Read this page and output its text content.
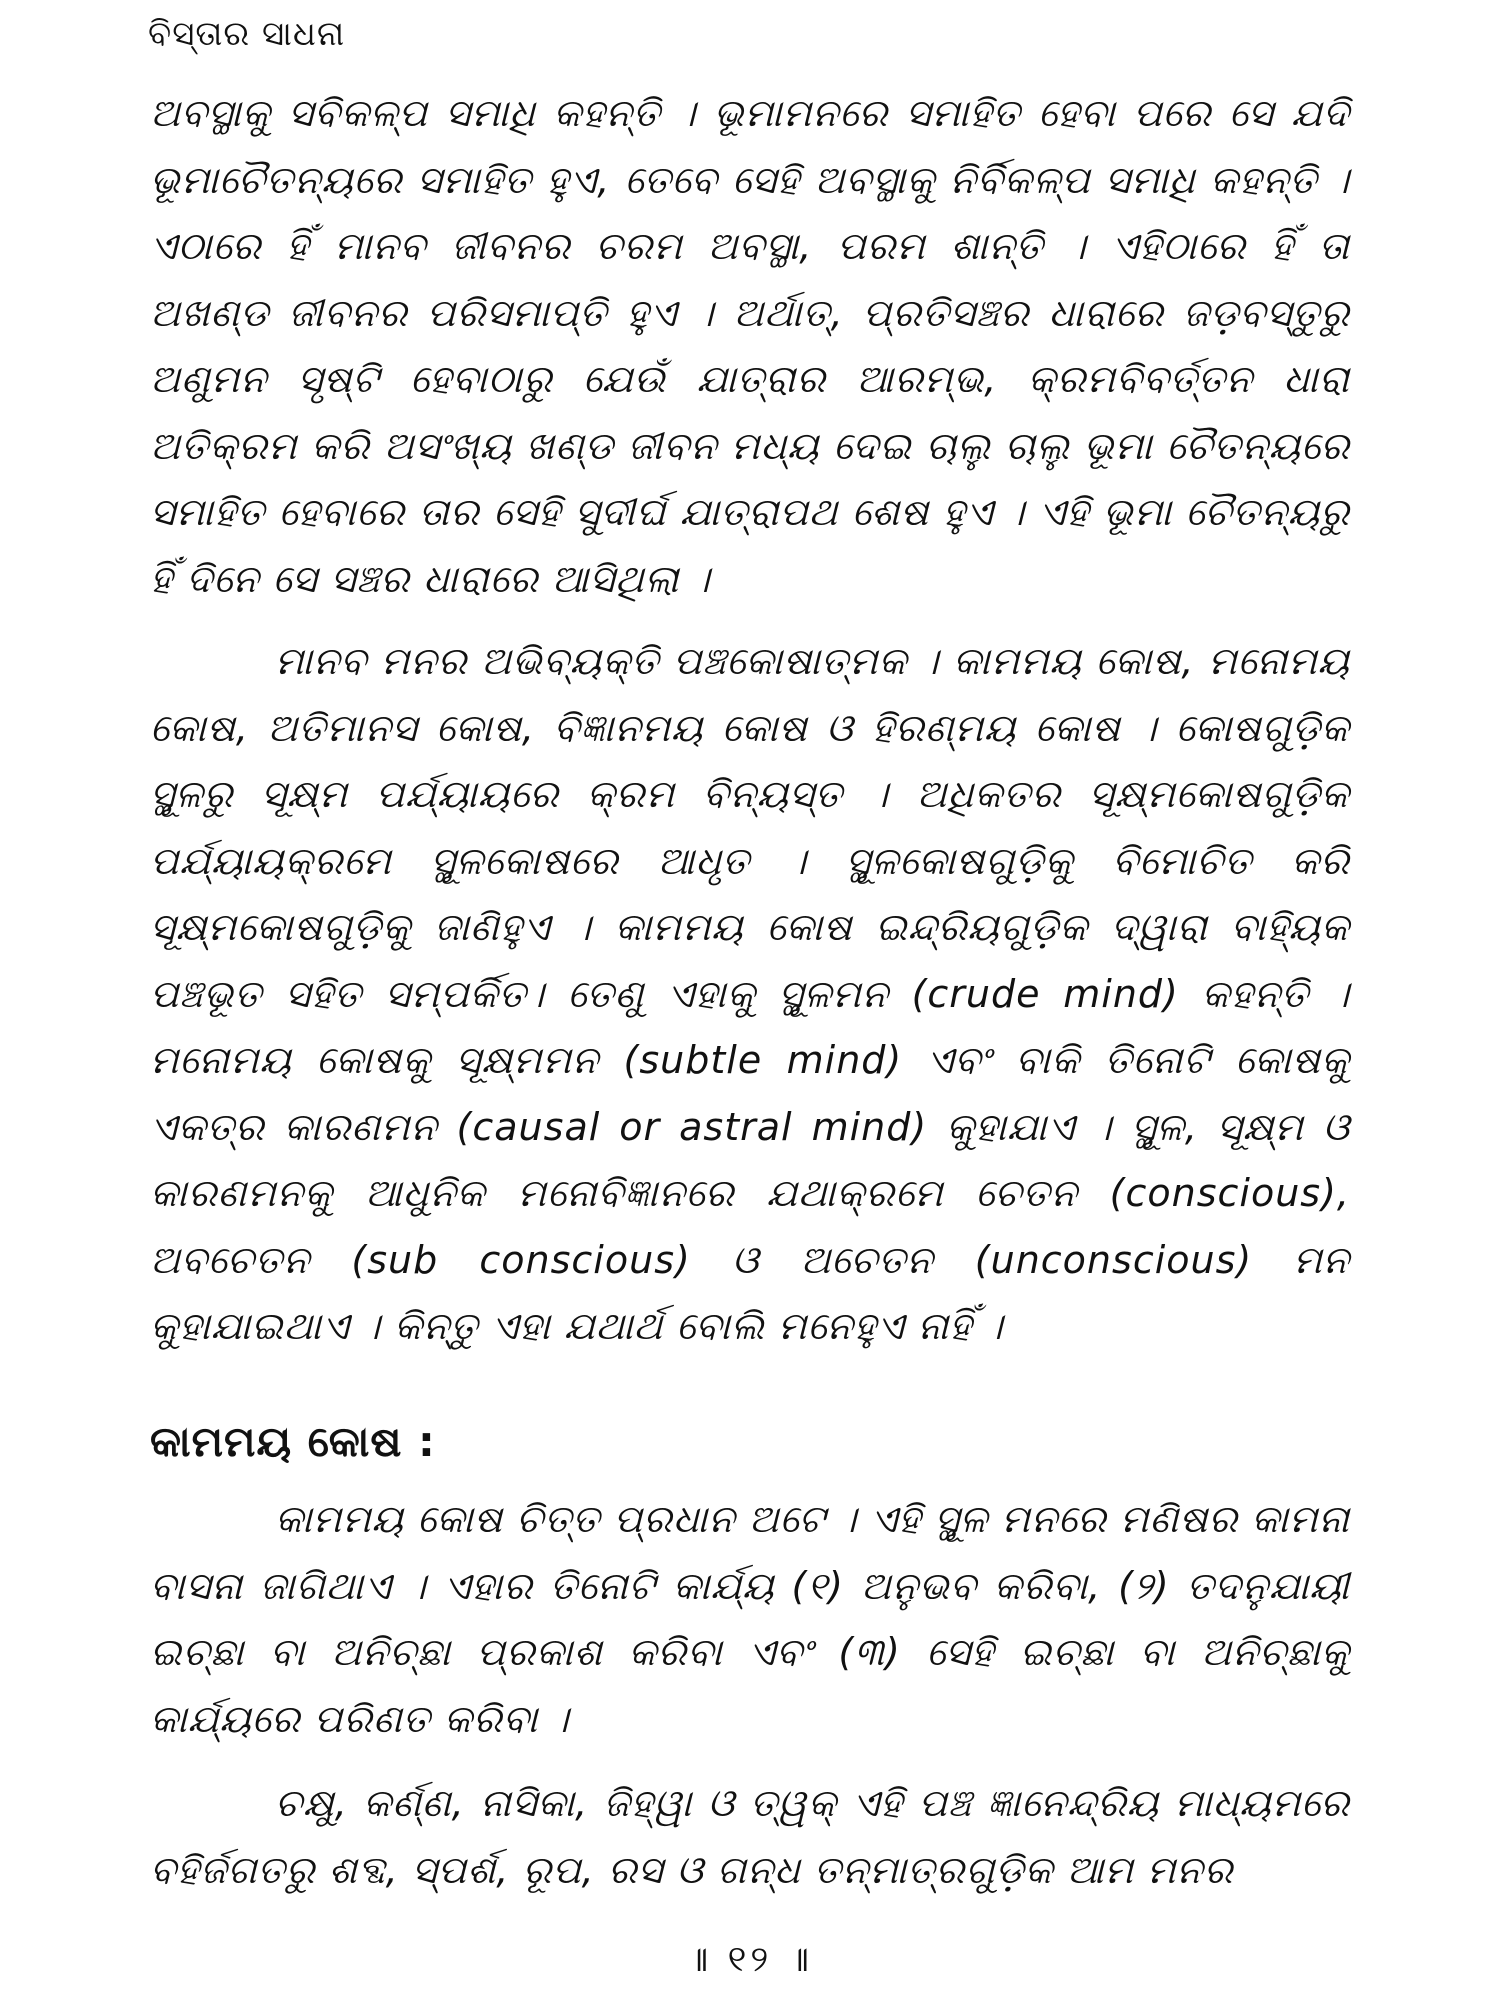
ବିସ୍ତାର ସାଧନା

ଅବସ୍ଥାକୁ ସବିକଳ୍ପ ସମାଧି କହନ୍ତି । ଭୂମାମନରେ ସମାହିତ ହେବା ପରେ ସେ ଯଦି ଭୂମାଚୈତନ୍ୟରେ ସମାହିତ ହୁଏ, ତେବେ ସେହି ଅବସ୍ଥାକୁ ନିର୍ବିକଳ୍ପ ସମାଧି କହନ୍ତି । ଏଠାରେ ହିଁ ମାନବ ଜୀବନର ଚରମ ଅବସ୍ଥା, ପରମ ଶାନ୍ତି । ଏହିଠାରେ ହିଁ ତା ଅଖଣ୍ଡ ଜୀବନର ପରିସମାପ୍ତି ହୁଏ । ଅର୍ଥାତ୍, ପ୍ରତିସଞ୍ଚର ଧାରାରେ ଜଡ଼ବସ୍ତୁରୁ ଅଣୁମନ ସୃଷ୍ଟି ହେବାଠାରୁ ଯେଉଁ ଯାତ୍ରାର ଆରମ୍ଭ, କ୍ରମବିବର୍ତ୍ତନ ଧାରା ଅତିକ୍ରମ କରି ଅସଂଖ୍ୟ ଖଣ୍ଡ ଜୀବନ ମଧ୍ୟ ଦେଇ ଚାଲୁ ଚାଲୁ ଭୂମା ଚୈତନ୍ୟରେ ସମାହିତ ହେବାରେ ତାର ସେହି ସୁଦୀର୍ଘ ଯାତ୍ରାପଥ ଶେଷ ହୁଏ । ଏହି ଭୂମା ଚୈତନ୍ୟରୁ ହିଁ ଦିନେ ସେ ସଞ୍ଚର ଧାରାରେ ଆସିଥିଲା ।

ମାନବ ମନର ଅଭିବ୍ୟକ୍ତି ପଞ୍ଚକୋଷାତ୍ମକ । କାମମୟ କୋଷ, ମନୋମୟ କୋଷ, ଅତିମାନସ କୋଷ, ବିଜ୍ଞାନମୟ କୋଷ ଓ ହିରଣ୍ମୟ କୋଷ । କୋଷଗୁଡ଼ିକ ସ୍ଥୂଳରୁ ସୂକ୍ଷ୍ମ ପର୍ଯ୍ୟାୟରେ କ୍ରମ ବିନ୍ୟସ୍ତ । ଅଧିକତର ସୂକ୍ଷ୍ମକୋଷଗୁଡ଼ିକ ପର୍ଯ୍ୟାୟକ୍ରମେ ସ୍ଥୂଳକୋଷରେ ଆଧୃତ । ସ୍ଥୂଳକୋଷଗୁଡ଼ିକୁ ବିମୋଚିତ କରି ସୂକ୍ଷ୍ମକୋଷଗୁଡ଼ିକୁ ଜାଣିହୁଏ । କାମମୟ କୋଷ ଇନ୍ଦ୍ରିୟଗୁଡ଼ିକ ଦ୍ୱାରା ବାହ୍ୟିକ ପଞ୍ଚଭୂତ ସହିତ ସମ୍ପର୍କିତ। ତେଣୁ ଏହାକୁ ସ୍ଥୂଳମନ (crude mind) କହନ୍ତି । ମନୋମୟ କୋଷକୁ ସୂକ୍ଷ୍ମମନ (subtle mind) ଏବଂ ବାକି ତିନୋଟି କୋଷକୁ ଏକତ୍ର କାରଣମନ (causal or astral mind) କୁହାଯାଏ । ସ୍ଥୂଳ, ସୂକ୍ଷ୍ମ ଓ କାରଣମନକୁ ଆଧୁନିକ ମନୋବିଜ୍ଞାନରେ ଯଥାକ୍ରମେ ଚେତନ (conscious), ଅବଚେତନ (sub conscious) ଓ ଅଚେତନ (unconscious) ମନ କୁହାଯାଇଥାଏ । କିନ୍ତୁ ଏହା ଯଥାର୍ଥ ବୋଲି ମନେହୁଏ ନାହିଁ ।

କାମମୟ କୋଷ :

କାମମୟ କୋଷ ଚିତ୍ତ ପ୍ରଧାନ ଅଟେ । ଏହି ସ୍ଥୂଳ ମନରେ ମଣିଷର କାମନା ବାସନା ଜାଗିଥାଏ । ଏହାର ତିନୋଟି କାର୍ଯ୍ୟ (୧) ଅନୁଭବ କରିବା, (୨) ତଦନୁଯାୟୀ ଇଚ୍ଛା ବା ଅନିଚ୍ଛା ପ୍ରକାଶ କରିବା ଏବଂ (୩) ସେହି ଇଚ୍ଛା ବା ଅନିଚ୍ଛାକୁ କାର୍ଯ୍ୟରେ ପରିଣତ କରିବା ।

ଚକ୍ଷୁ, କର୍ଣ୍ଣ, ନାସିକା, ଜିହ୍ୱା ଓ ତ୍ୱକ୍ ଏହି ପଞ୍ଚ ଜ୍ଞାନେନ୍ଦ୍ରିୟ ମାଧ୍ୟମରେ ବହିର୍ଜଗତରୁ ଶବ୍ଦ, ସ୍ପର୍ଶ, ରୂପ, ରସ ଓ ଗନ୍ଧ ତନ୍ମାତ୍ରଗୁଡ଼ିକ ଆମ ମନର

॥ ୧୨ ॥
